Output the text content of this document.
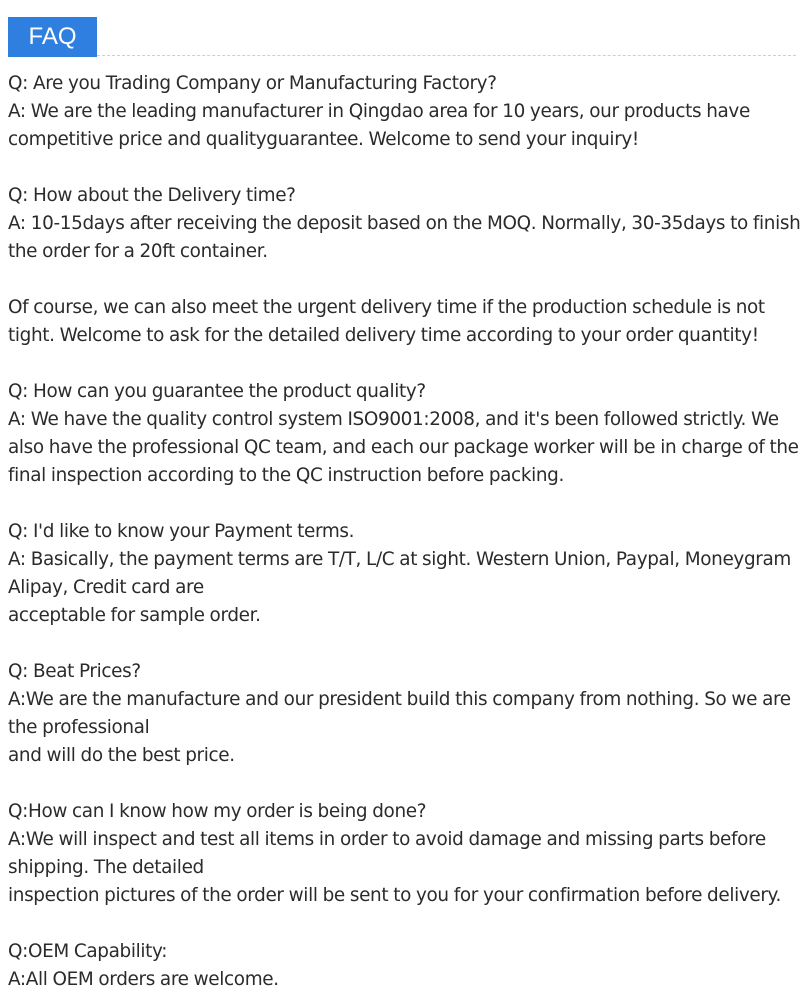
FAQ
Q: Are you Trading Company or Manufacturing Factory?
A: We are the leading manufacturer in Qingdao area for 10 years, our products have
competitive price and qualityguarantee. Welcome to send your inquiry!
Q: How about the Delivery time?
A: 10-15days after receiving the deposit based on the MOQ. Normally, 30-35days to finish
the order for a 20ft container.
Of course, we can also meet the urgent delivery time if the production schedule is not
tight. Welcome to ask for the detailed delivery time according to your order quantity!
Q: How can you guarantee the product quality?
A: We have the quality control system ISO9001:2008, and it's been followed strictly. We
also have the professional QC team, and each our package worker will be in charge of the
final inspection according to the QC instruction before packing.
Q: I'd like to know your Payment terms.
A: Basically, the payment terms are T/T, L/C at sight. Western Union, Paypal, Moneygram
Alipay, Credit card are
acceptable for sample order.
Q: Beat Prices?
A:We are the manufacture and our president build this company from nothing. So we are
the professional
and will do the best price.
Q:How can I know how my order is being done?
A:We will inspect and test all items in order to avoid damage and missing parts before
shipping. The detailed
inspection pictures of the order will be sent to you for your confirmation before delivery.
Q:OEM Capability:
A:All OEM orders are welcome.
